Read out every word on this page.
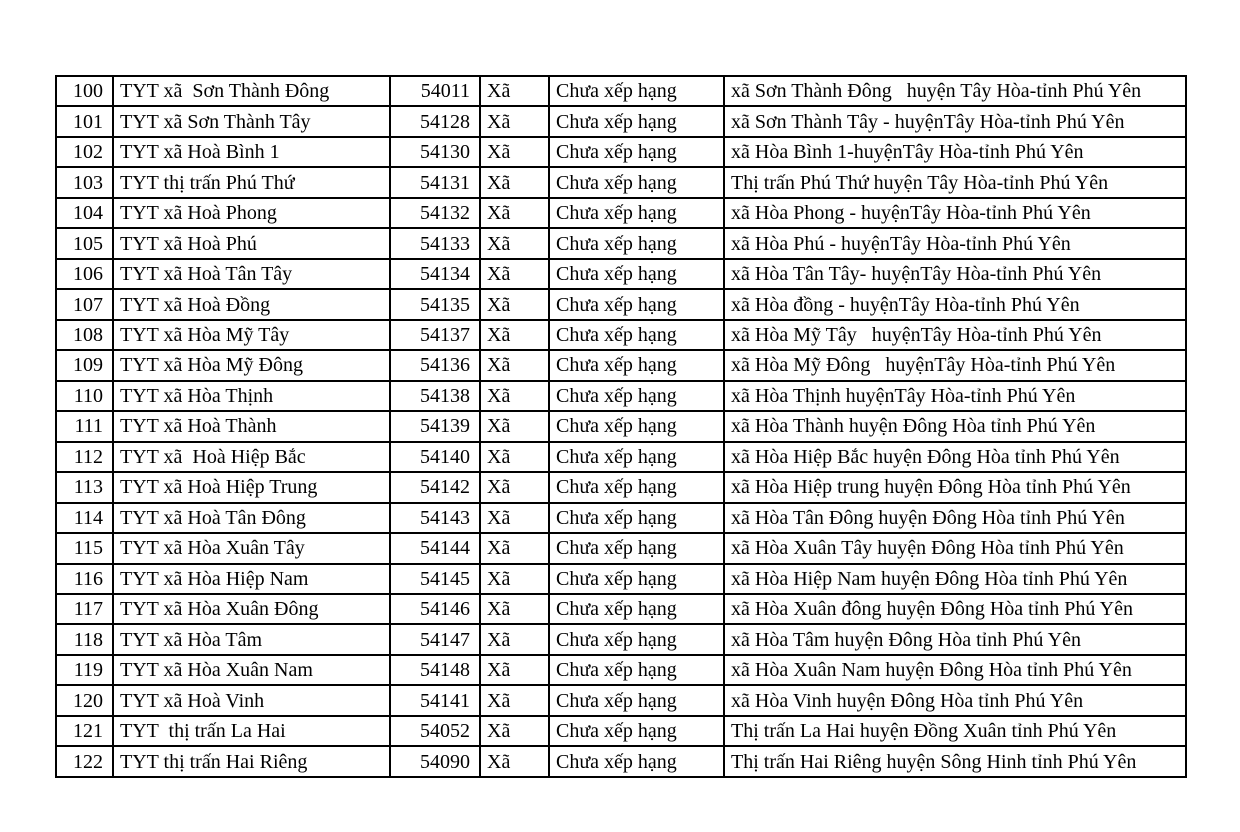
100	TYT xã  Sơn Thành Đông	54011	Xã	Chưa xếp hạng	xã Sơn Thành Đông   huyện Tây Hòa-tỉnh Phú Yên
101	TYT xã Sơn Thành Tây	54128	Xã	Chưa xếp hạng	xã Sơn Thành Tây - huyệnTây Hòa-tỉnh Phú Yên
102	TYT xã Hoà Bình 1	54130	Xã	Chưa xếp hạng	xã Hòa Bình 1-huyệnTây Hòa-tỉnh Phú Yên
103	TYT thị trấn Phú Thứ	54131	Xã	Chưa xếp hạng	Thị trấn Phú Thứ huyện Tây Hòa-tỉnh Phú Yên
104	TYT xã Hoà Phong	54132	Xã	Chưa xếp hạng	xã Hòa Phong - huyệnTây Hòa-tỉnh Phú Yên
105	TYT xã Hoà Phú	54133	Xã	Chưa xếp hạng	xã Hòa Phú - huyệnTây Hòa-tỉnh Phú Yên
106	TYT xã Hoà Tân Tây	54134	Xã	Chưa xếp hạng	xã Hòa Tân Tây- huyệnTây Hòa-tỉnh Phú Yên
107	TYT xã Hoà Đồng	54135	Xã	Chưa xếp hạng	xã Hòa đồng - huyệnTây Hòa-tỉnh Phú Yên
108	TYT xã Hòa Mỹ Tây	54137	Xã	Chưa xếp hạng	xã Hòa Mỹ Tây   huyệnTây Hòa-tỉnh Phú Yên
109	TYT xã Hòa Mỹ Đông	54136	Xã	Chưa xếp hạng	xã Hòa Mỹ Đông   huyệnTây Hòa-tỉnh Phú Yên
110	TYT xã Hòa Thịnh	54138	Xã	Chưa xếp hạng	xã Hòa Thịnh huyệnTây Hòa-tỉnh Phú Yên
111	TYT xã Hoà Thành	54139	Xã	Chưa xếp hạng	xã Hòa Thành huyện Đông Hòa tỉnh Phú Yên
112	TYT xã  Hoà Hiệp Bắc	54140	Xã	Chưa xếp hạng	xã Hòa Hiệp Bắc huyện Đông Hòa tỉnh Phú Yên
113	TYT xã Hoà Hiệp Trung	54142	Xã	Chưa xếp hạng	xã Hòa Hiệp trung huyện Đông Hòa tỉnh Phú Yên
114	TYT xã Hoà Tân Đông	54143	Xã	Chưa xếp hạng	xã Hòa Tân Đông huyện Đông Hòa tỉnh Phú Yên
115	TYT xã Hòa Xuân Tây	54144	Xã	Chưa xếp hạng	xã Hòa Xuân Tây huyện Đông Hòa tỉnh Phú Yên
116	TYT xã Hòa Hiệp Nam	54145	Xã	Chưa xếp hạng	xã Hòa Hiệp Nam huyện Đông Hòa tỉnh Phú Yên
117	TYT xã Hòa Xuân Đông	54146	Xã	Chưa xếp hạng	xã Hòa Xuân đông huyện Đông Hòa tỉnh Phú Yên
118	TYT xã Hòa Tâm	54147	Xã	Chưa xếp hạng	xã Hòa Tâm huyện Đông Hòa tỉnh Phú Yên
119	TYT xã Hòa Xuân Nam	54148	Xã	Chưa xếp hạng	xã Hòa Xuân Nam huyện Đông Hòa tỉnh Phú Yên
120	TYT xã Hoà Vinh	54141	Xã	Chưa xếp hạng	xã Hòa Vinh huyện Đông Hòa tỉnh Phú Yên
121	TYT  thị trấn La Hai	54052	Xã	Chưa xếp hạng	Thị trấn La Hai huyện Đồng Xuân tỉnh Phú Yên
122	TYT thị trấn Hai Riêng	54090	Xã	Chưa xếp hạng	Thị trấn Hai Riêng huyện Sông Hinh tỉnh Phú Yên
